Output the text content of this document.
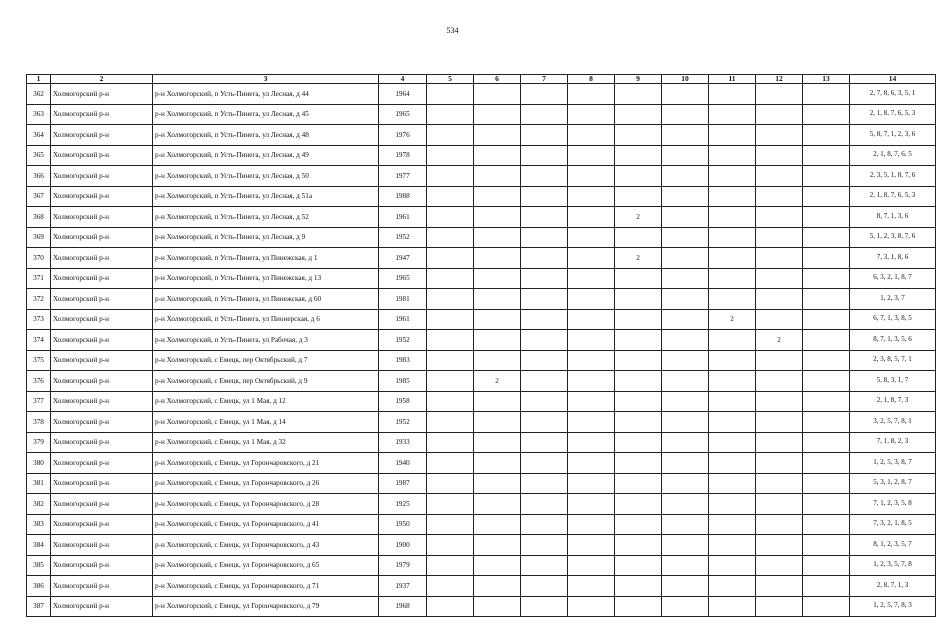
534
1	2	3	4	5	6	7	8	9	10	11	12	13	14
362	Холмогорский р-н	р-н Холмогорский, п Усть-Пинега, ул Лесная, д 44	1964										2, 7, 8, 6, 3, 5, 1
363	Холмогорский р-н	р-н Холмогорский, п Усть-Пинега, ул Лесная, д 45	1965										2, 1, 8, 7, 6, 5, 3
364	Холмогорский р-н	р-н Холмогорский, п Усть-Пинега, ул Лесная, д 48	1976										5, 8, 7, 1, 2, 3, 6
365	Холмогорский р-н	р-н Холмогорский, п Усть-Пинега, ул Лесная, д 49	1978										2, 1, 8, 7, 6, 5
366	Холмогорский р-н	р-н Холмогорский, п Усть-Пинега, ул Лесная, д 50	1977										2, 3, 5, 1, 8, 7, 6
367	Холмогорский р-н	р-н Холмогорский, п Усть-Пинега, ул Лесная, д 51а	1988										2, 1, 8, 7, 6, 5, 3
368	Холмогорский р-н	р-н Холмогорский, п Усть-Пинега, ул Лесная, д 52	1961					2					8, 7, 1, 3, 6
369	Холмогорский р-н	р-н Холмогорский, п Усть-Пинега, ул Лесная, д 9	1952										5, 1, 2, 3, 8, 7, 6
370	Холмогорский р-н	р-н Холмогорский, п Усть-Пинега, ул Пинежская, д 1	1947					2					7, 3, 1, 8, 6
371	Холмогорский р-н	р-н Холмогорский, п Усть-Пинега, ул Пинежская, д 13	1965										6, 3, 2, 1, 8, 7
372	Холмогорский р-н	р-н Холмогорский, п Усть-Пинега, ул Пинежская, д 60	1981										1, 2, 3, 7
373	Холмогорский р-н	р-н Холмогорский, п Усть-Пинега, ул Пионерская, д 6	1961							2			6, 7, 1, 3, 8, 5
374	Холмогорский р-н	р-н Холмогорский, п Усть-Пинега, ул Рабочая, д 3	1952								2		8, 7, 1, 3, 5, 6
375	Холмогорский р-н	р-н Холмогорский, с Емецк, пер Октябрьский, д 7	1983										2, 3, 8, 5, 7, 1
376	Холмогорский р-н	р-н Холмогорский, с Емецк, пер Октябрьский, д 9	1985		2								5, 8, 3, 1, 7
377	Холмогорский р-н	р-н Холмогорский, с Емецк, ул 1 Мая, д 12	1958										2, 1, 8, 7, 3
378	Холмогорский р-н	р-н Холмогорский, с Емецк, ул 1 Мая, д 14	1952										3, 2, 5, 7, 8, 1
379	Холмогорский р-н	р-н Холмогорский, с Емецк, ул 1 Мая, д 32	1933										7, 1, 8, 2, 3
380	Холмогорский р-н	р-н Холмогорский, с Емецк, ул Горончаровского, д 21	1940										1, 2, 5, 3, 8, 7
381	Холмогорский р-н	р-н Холмогорский, с Емецк, ул Горончаровского, д 26	1987										5, 3, 1, 2, 8, 7
382	Холмогорский р-н	р-н Холмогорский, с Емецк, ул Горончаровского, д 28	1925										7, 1, 2, 3, 5, 8
383	Холмогорский р-н	р-н Холмогорский, с Емецк, ул Горончаровского, д 41	1950										7, 3, 2, 1, 8, 5
384	Холмогорский р-н	р-н Холмогорский, с Емецк, ул Горончаровского, д 43	1900										8, 1, 2, 3, 5, 7
385	Холмогорский р-н	р-н Холмогорский, с Емецк, ул Горончаровского, д 65	1979										1, 2, 3, 5, 7, 8
386	Холмогорский р-н	р-н Холмогорский, с Емецк, ул Горончаровского, д 71	1937										2, 8, 7, 1, 3
387	Холмогорский р-н	р-н Холмогорский, с Емецк, ул Горончаровского, д 79	1968										1, 2, 5, 7, 8, 3
